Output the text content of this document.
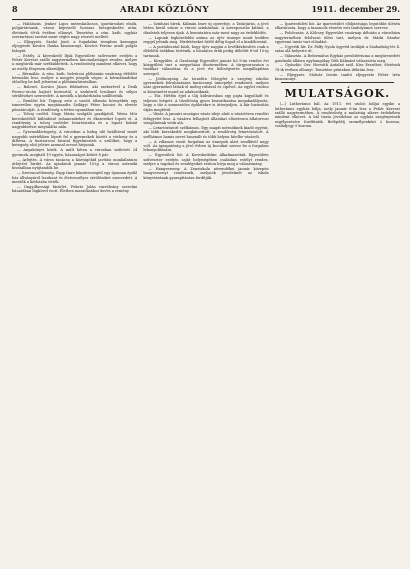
8	ARADI KÖZLÖNY	1911. december 29.

— Halálozás. Jenker Lajos mézeskalácsos, ipartársulati elnök, polgártársunk, városi képviselő hosszas betegeskedés után, életének 69-ik évében elhunyt. Temetése a róm. kath. egyház szertartásai szerint ment végbe nagy részvét mellett.

— Eljegyzés. Szabó Jenő, a fogadalmi templom karnagya eljegyezte Kovács Ilonka kisasszonyt, Kovács Ferenc aradi polgár leányát.

— Estély. A Kereskedő Ifjak Egyesülete szilveszter estéjén a Fehér Kereszt szálló nagytermében táncmulatságot rendez, melyre a meghívók már szétküldettek. A rendezőség mindent elkövet, hogy az estély fényesen sikerüljön.

— Bérmálás. A róm. kath. belvárosi plébánián vasárnap délelőtt bérmálás lesz, melyet a megyés püspök végez. A bérmálandókat előzőleg be kell jelenteni a plébániahivatalban.

— Baleset. Kovács János földműves, aki szekerével a Deák Ferenc-utcán hajtott keresztül, a szekérről lezuhant és súlyos sérüléseket szenvedett. A mentők a közkórházba szállították.

— Rendőri hír. Tegnap este a vasúti állomás környékén egy ismeretlen egyén megtámadta Szilágyi Péter kocsist és elvette pénztárcáját. A rendőrség a tettes nyomában van.

— Tolvaj cseléd. Nagy Mária szolgáló gazdájától, Weisz Mór kereskedőtől különböző ruhaneműeket és ékszereket lopott el. A rendőrség a tolvaj cselédet letartóztatta és a lopott holmit nagyobbrészt megtalálta nála.

— Gyermekbetegség. A városban a hideg idő beálltával ismét nagyobb mértékben lépett fel a gyermekek között a vörheny és a diftéria. A tisztiorvosi hivatal figyelmezteti a szülőket, hogy a betegség első jeleire azonnal orvost hívjanak.

— Anyakönyvi hírek. A múlt héten a városban született 24 gyermek, meghalt 19 egyén, házasságot kötött 8 pár.

— Árlejtés. A város tanácsa a közvágóhíd javítási munkálataira árlejtést hirdet. Az ajánlatok január 10-ig a városi mérnöki hivatalban nyújtandók be.

— Szerencsétlenség. Papp Imre kőművessegéd egy újonnan épülő ház állványáról lezuhant és életveszélyes sérüléseket szenvedett. A mentők a kórházba vitték.

— Öngyilkossági kísérlet. Fekete Jolán varróleány szerelmi bánatában lúgkövet ivott. Életben maradásához kevés a remény.

— Színházi hírek. Kálmán Imre új operettje, a Tatárjárás, a jövő héten kerül színre a városi színházban. A szereposztás kitűnő, a díszletek teljesen újak. A bemutatóra már most nagy az érdeklődés.

— Lapunk legközelebbi száma az újév ünnepe miatt kedden reggel jelenik meg. Hirdetéseket hétfő délig fogad el a kiadóhivatal.

— A postahivatal közli, hogy újév napján a levélkézbesítés csak a délelőtti órákban történik, a hivatalos órák pedig délelőtt 8-tól 10-ig tartanak.

— Közgyűlés. A Gazdasági Egyesület január hó 8-án rendes évi közgyűlést tart a megyeháza dísztermében. A tárgysorozaton a tisztikar választása és a jövő évi költségvetés megállapítása szerepel.

— Jótékonyság. Az Izraelita Nőegylet a szegény iskolás gyermekek felruházására karácsonyi ünnepélyt rendezett, melyen száz gyermeket láttak el meleg ruhával és cipővel. Az egylet ezúton is köszönetet mond az adakozóknak.

— Tűz. Hétfőn éjjel a Gáj külvárosban egy pajta kigyulladt és teljesen leégett. A tűzoltóság gyors beavatkozása megakadályozta, hogy a tűz a szomszédos épületekre is átterjedjen. A kár biztosítás útján megtérül.

— Vásár. A januári országos vásár ideje alatt a vásártéren rendőri felügyelet lesz. A vásárra felhajtott állatokat előzetesen állatorvosi vizsgálatnak vetik alá.

— Letartóztatott szélhámos. Egy magát mérnöknek kiadó egyént, aki több kereskedőt megkárosított, a rendőrség letartóztatott. A szélhámos hamis nevet használt és több helyen hitelbe vásárolt.

— A villamos vasút forgalma az ünnepek alatt rendkívül nagy volt. Az igazgatóság a jövő évben új kocsikat szerez be a forgalom lebonyolítására.

— Egyesületi hír. A Kereskedelmi Alkalmazottak Egyesülete szilveszter estéjén saját helyiségében családias estélyt rendez, melyre a tagokat és vendégeiket ezúton hívja meg a választmány.

— Hangverseny. A Zeneiskola növendékei január közepén hangversenyt rendeznek, melynek jövedelmét az iskola könyvtárának gyarapítására fordítják.

— Ipartestületi hír. Az ipartestület elöljárósága legutóbbi ülésén elhatározta, hogy a tanoncok részére esti tanfolyamot szervez.

— Felolvasás. A Kölcsey Egyesület vasárnap délután a városháza nagytermében felolvasó ülést tart, melyen dr. Márki Sándor egyetemi tanár tart előadást.

— Ügyvédi hír. Dr. Pálfy Gyula ügyvéd irodáját a Szabadság-tér 4. szám alá helyezte át.

— Választás. A Református Egyház presbitériuma a megüresedett gondnoki állásra egyhangúlag Tóth Kálmánt választotta meg.

— Gyászhír. Özv. Horváth Antalné szül. Kiss Erzsébet, életének 78-ik évében elhunyt. Temetése pénteken délután lesz.

— Eljegyzés. Molnár István tanító eljegyezte Fehér Irén kisasszonyt.

MULATSÁGOK.

(—) Lutheránus bál. Az 1911. évi utolsó báljai egyike a lutheránus egyház bálja, mely január 6-án lesz a Fehér Kereszt szálló nagytermében. A rendezőség a mulatság sikere érdekében mindent elkövet. A bál tiszta jövedelme az egyház szegényeinek segélyezésére fordíttatik. Belépődíj személyenként 2 korona, családjegy 5 korona.
